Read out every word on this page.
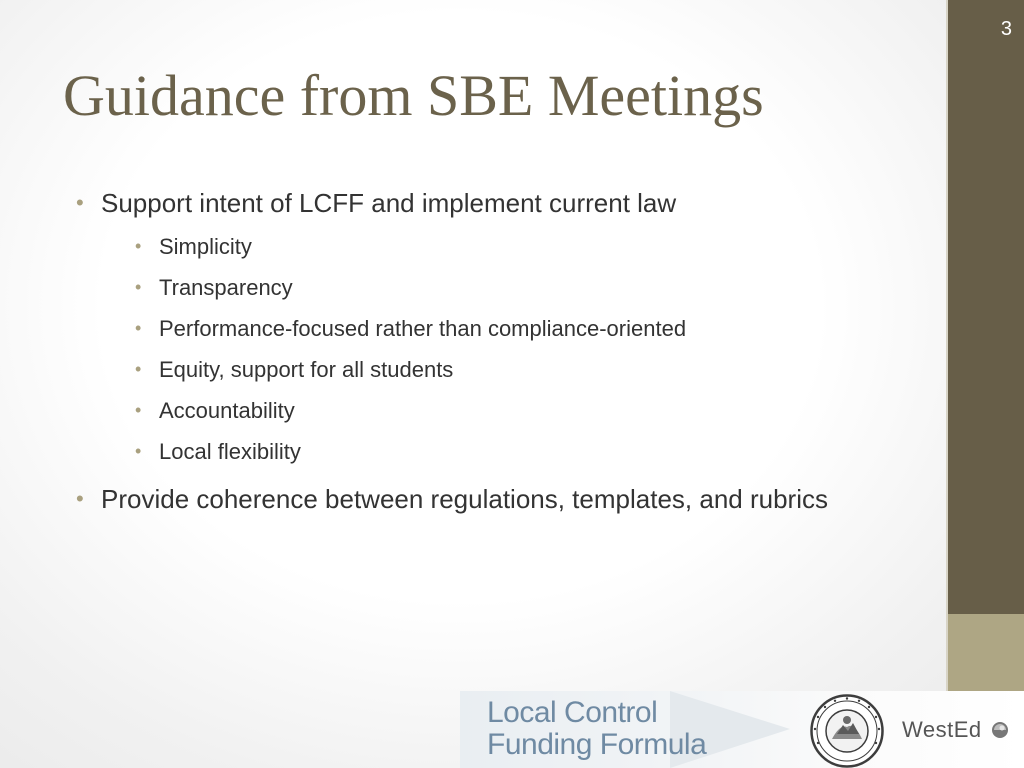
3
Guidance from SBE Meetings
• Support intent of LCFF and implement current law
• Simplicity
• Transparency
• Performance-focused rather than compliance-oriented
• Equity, support for all students
• Accountability
• Local flexibility
• Provide coherence between regulations, templates, and rubrics
Local Control
Funding Formula	WestEd
